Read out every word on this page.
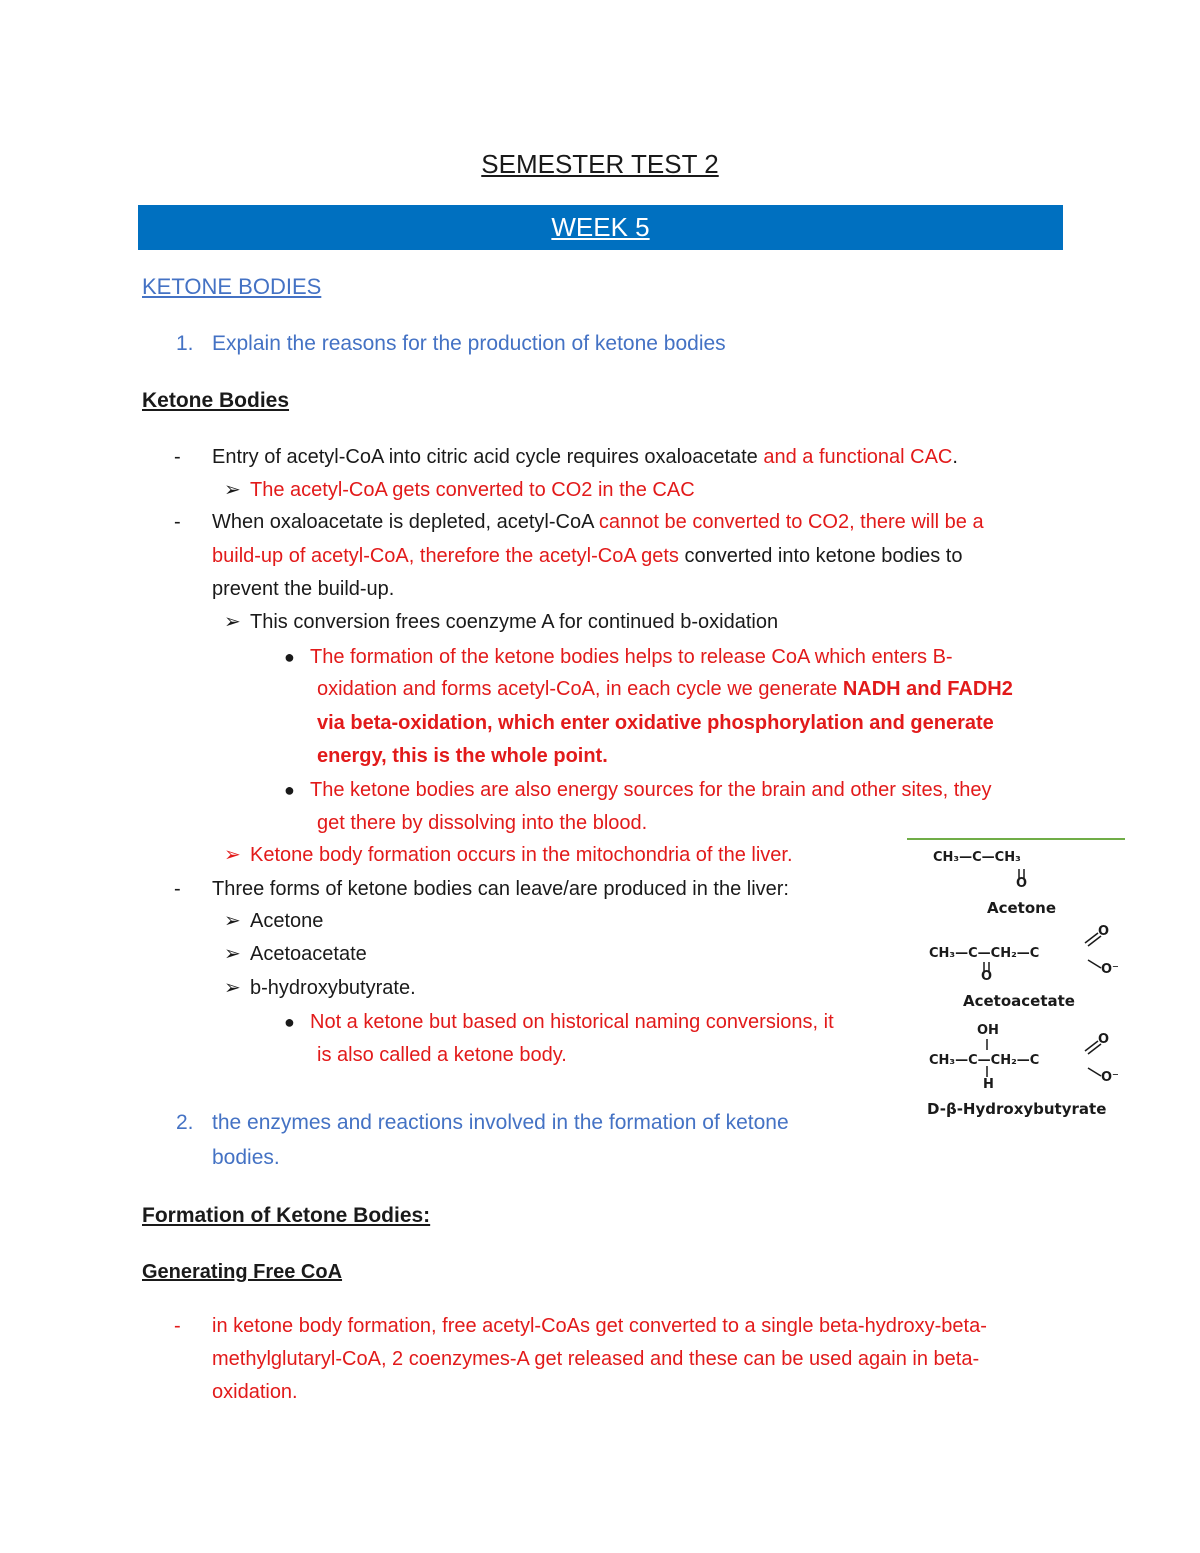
SEMESTER TEST 2
WEEK 5
KETONE BODIES
1. Explain the reasons for the production of ketone bodies
Ketone Bodies
- Entry of acetyl-CoA into citric acid cycle requires oxaloacetate and a functional CAC.
➢ The acetyl-CoA gets converted to CO2 in the CAC
- When oxaloacetate is depleted, acetyl-CoA cannot be converted to CO2, there will be a
build-up of acetyl-CoA, therefore the acetyl-CoA gets converted into ketone bodies to
prevent the build-up.
➢ This conversion frees coenzyme A for continued b-oxidation
● The formation of the ketone bodies helps to release CoA which enters B-
oxidation and forms acetyl-CoA, in each cycle we generate NADH and FADH2
via beta-oxidation, which enter oxidative phosphorylation and generate
energy, this is the whole point.
● The ketone bodies are also energy sources for the brain and other sites, they
get there by dissolving into the blood.
➢ Ketone body formation occurs in the mitochondria of the liver.
- Three forms of ketone bodies can leave/are produced in the liver:
➢ Acetone
➢ Acetoacetate
➢ b-hydroxybutyrate.
● Not a ketone but based on historical naming conversions, it
is also called a ketone body.
2. the enzymes and reactions involved in the formation of ketone
bodies.
Formation of Ketone Bodies:
Generating Free CoA
- in ketone body formation, free acetyl-CoAs get converted to a single beta-hydroxy-beta-
methylglutaryl-CoA, 2 coenzymes-A get released and these can be used again in beta-
oxidation.
CH₃—C—CH₃
O
Acetone
O
CH₃—C—CH₂—C
O⁻
O
Acetoacetate
OH
O
CH₃—C—CH₂—C
O⁻
H
D-β-Hydroxybutyrate
